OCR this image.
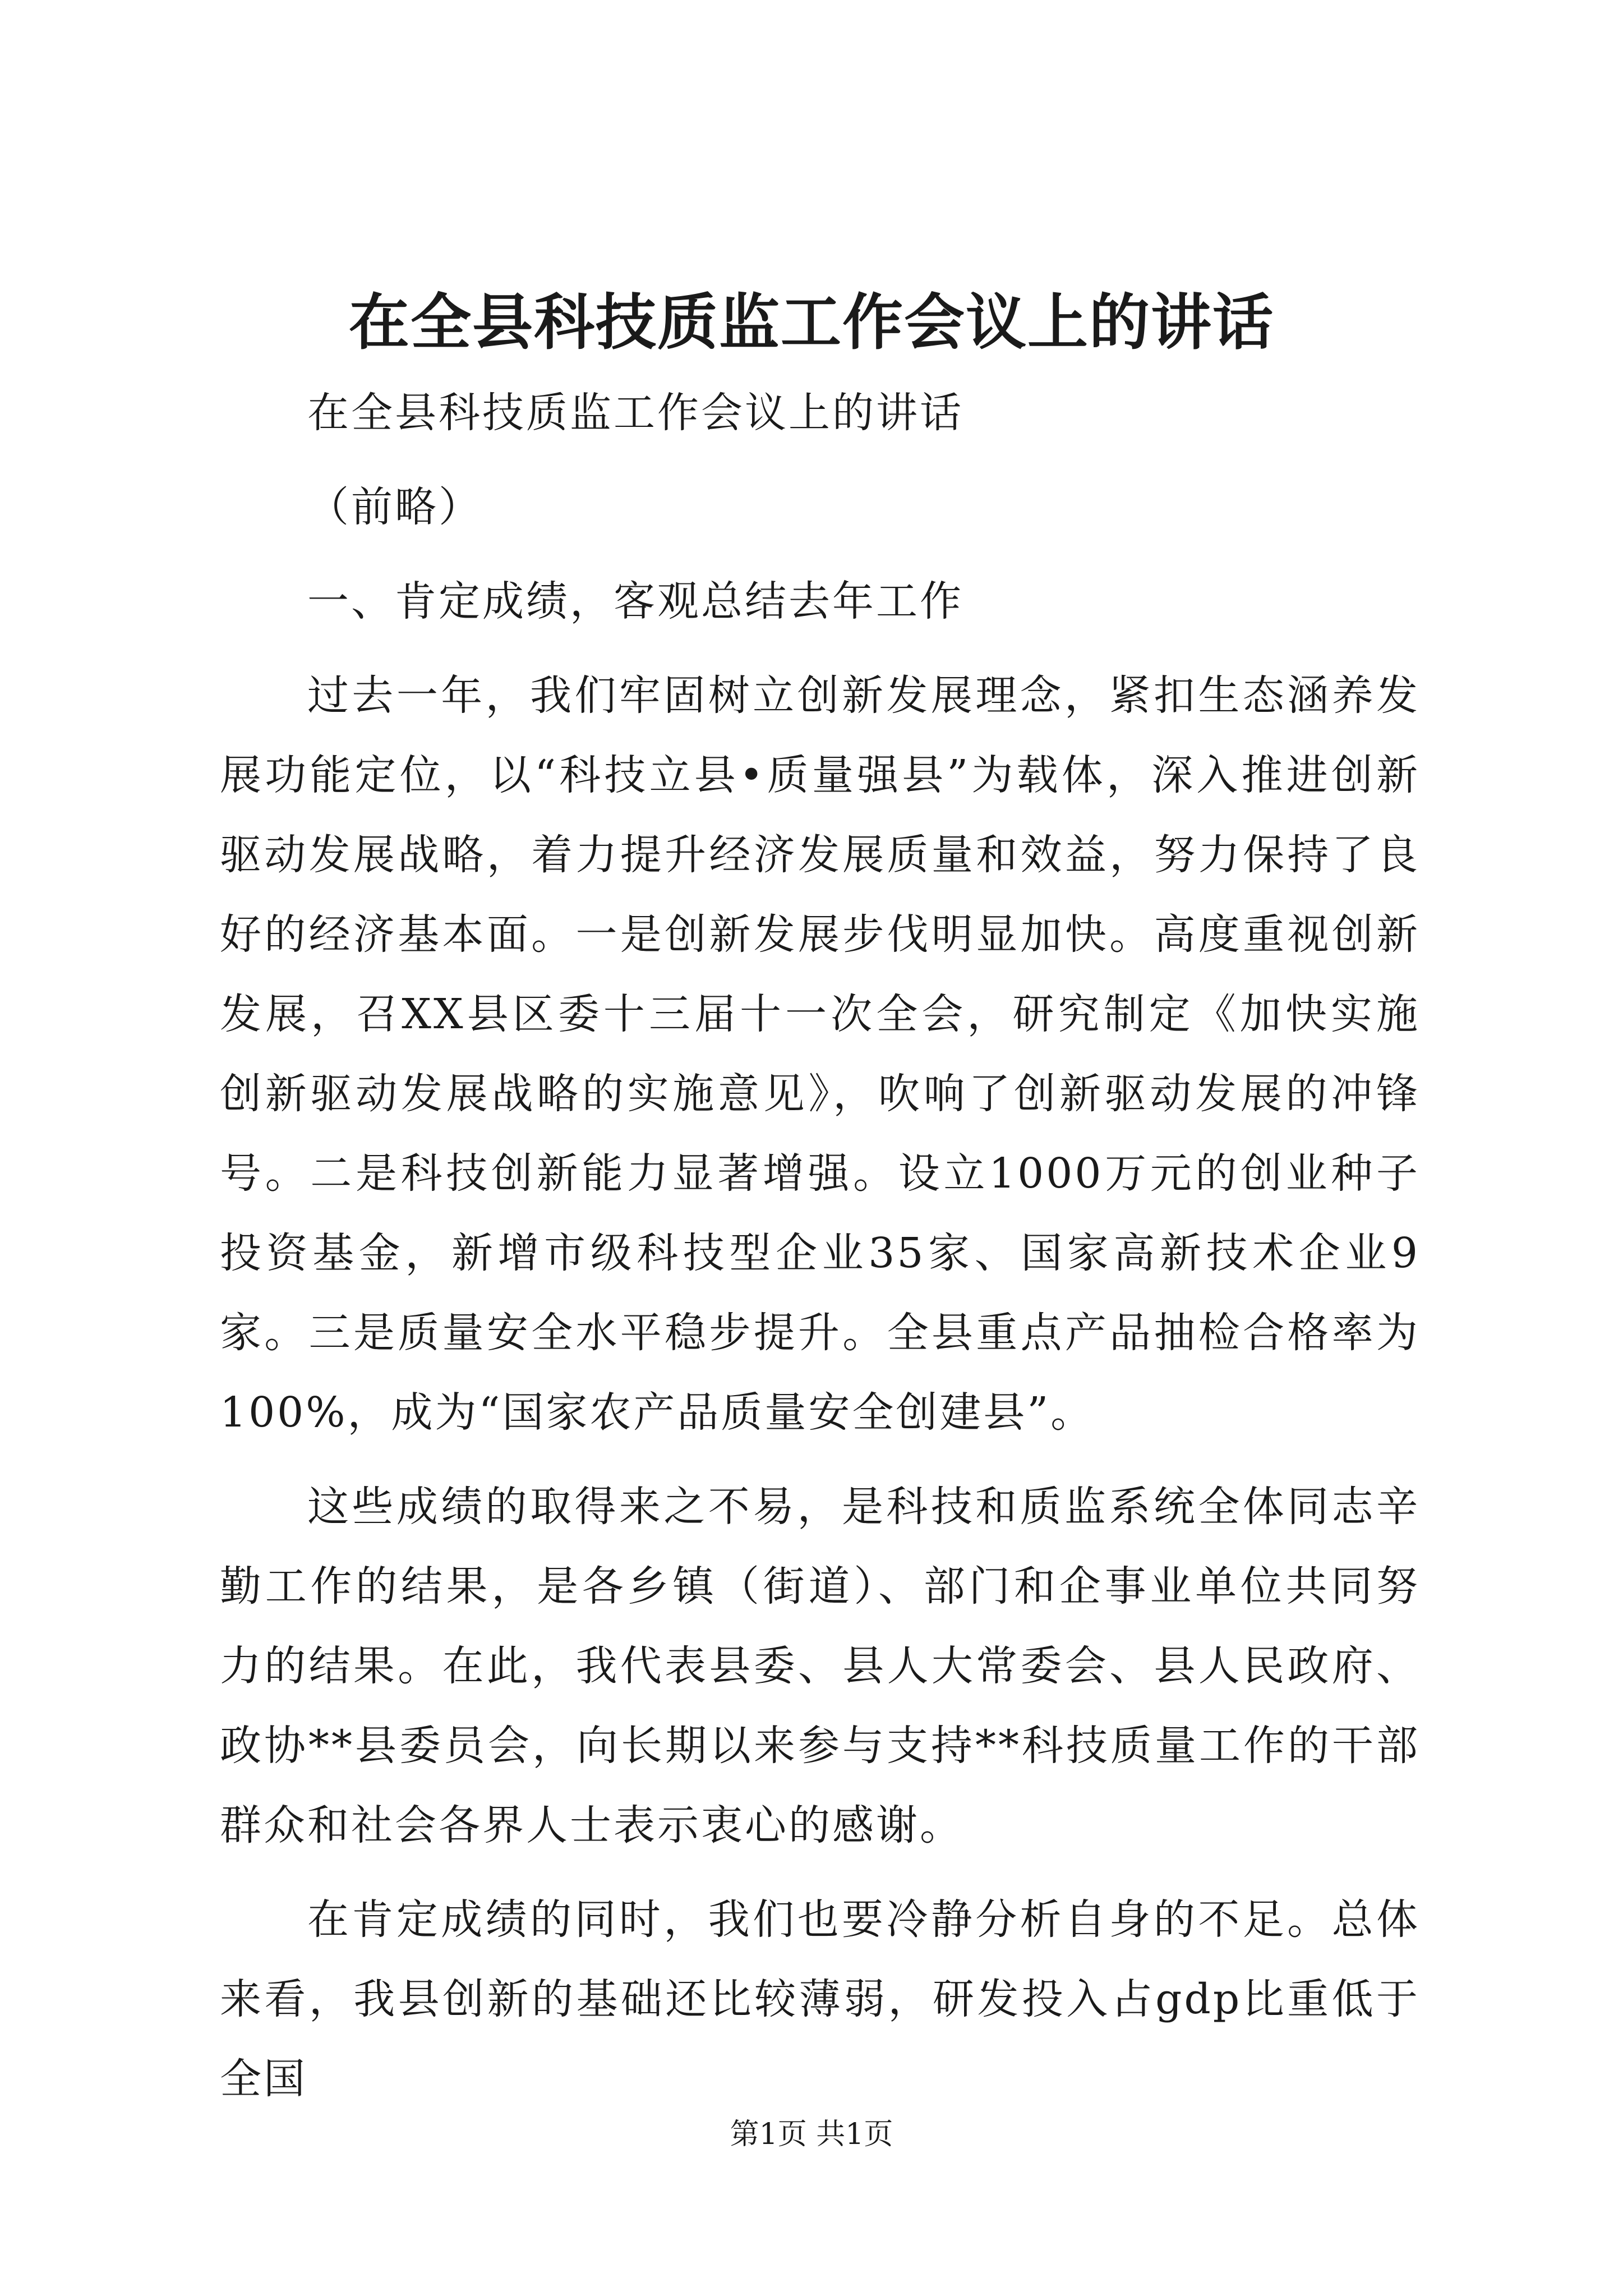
在全县科技质监工作会议上的讲话

在全县科技质监工作会议上的讲话

（前略）

一、肯定成绩，客观总结去年工作

过去一年，我们牢固树立创新发展理念，紧扣生态涵养发展功能定位，以“科技立县•质量强县”为载体，深入推进创新驱动发展战略，着力提升经济发展质量和效益，努力保持了良好的经济基本面。一是创新发展步伐明显加快。高度重视创新发展，召XX县区委十三届十一次全会，研究制定《加快实施创新驱动发展战略的实施意见》，吹响了创新驱动发展的冲锋号。二是科技创新能力显著增强。设立1000万元的创业种子投资基金，新增市级科技型企业35家、国家高新技术企业9家。三是质量安全水平稳步提升。全县重点产品抽检合格率为100%，成为“国家农产品质量安全创建县”。

这些成绩的取得来之不易，是科技和质监系统全体同志辛勤工作的结果，是各乡镇（街道）、部门和企事业单位共同努力的结果。在此，我代表县委、县人大常委会、县人民政府、政协**县委员会，向长期以来参与支持**科技质量工作的干部群众和社会各界人士表示衷心的感谢。

在肯定成绩的同时，我们也要冷静分析自身的不足。总体来看，我县创新的基础还比较薄弱，研发投入占gdp比重低于全国

第1页 共1页
